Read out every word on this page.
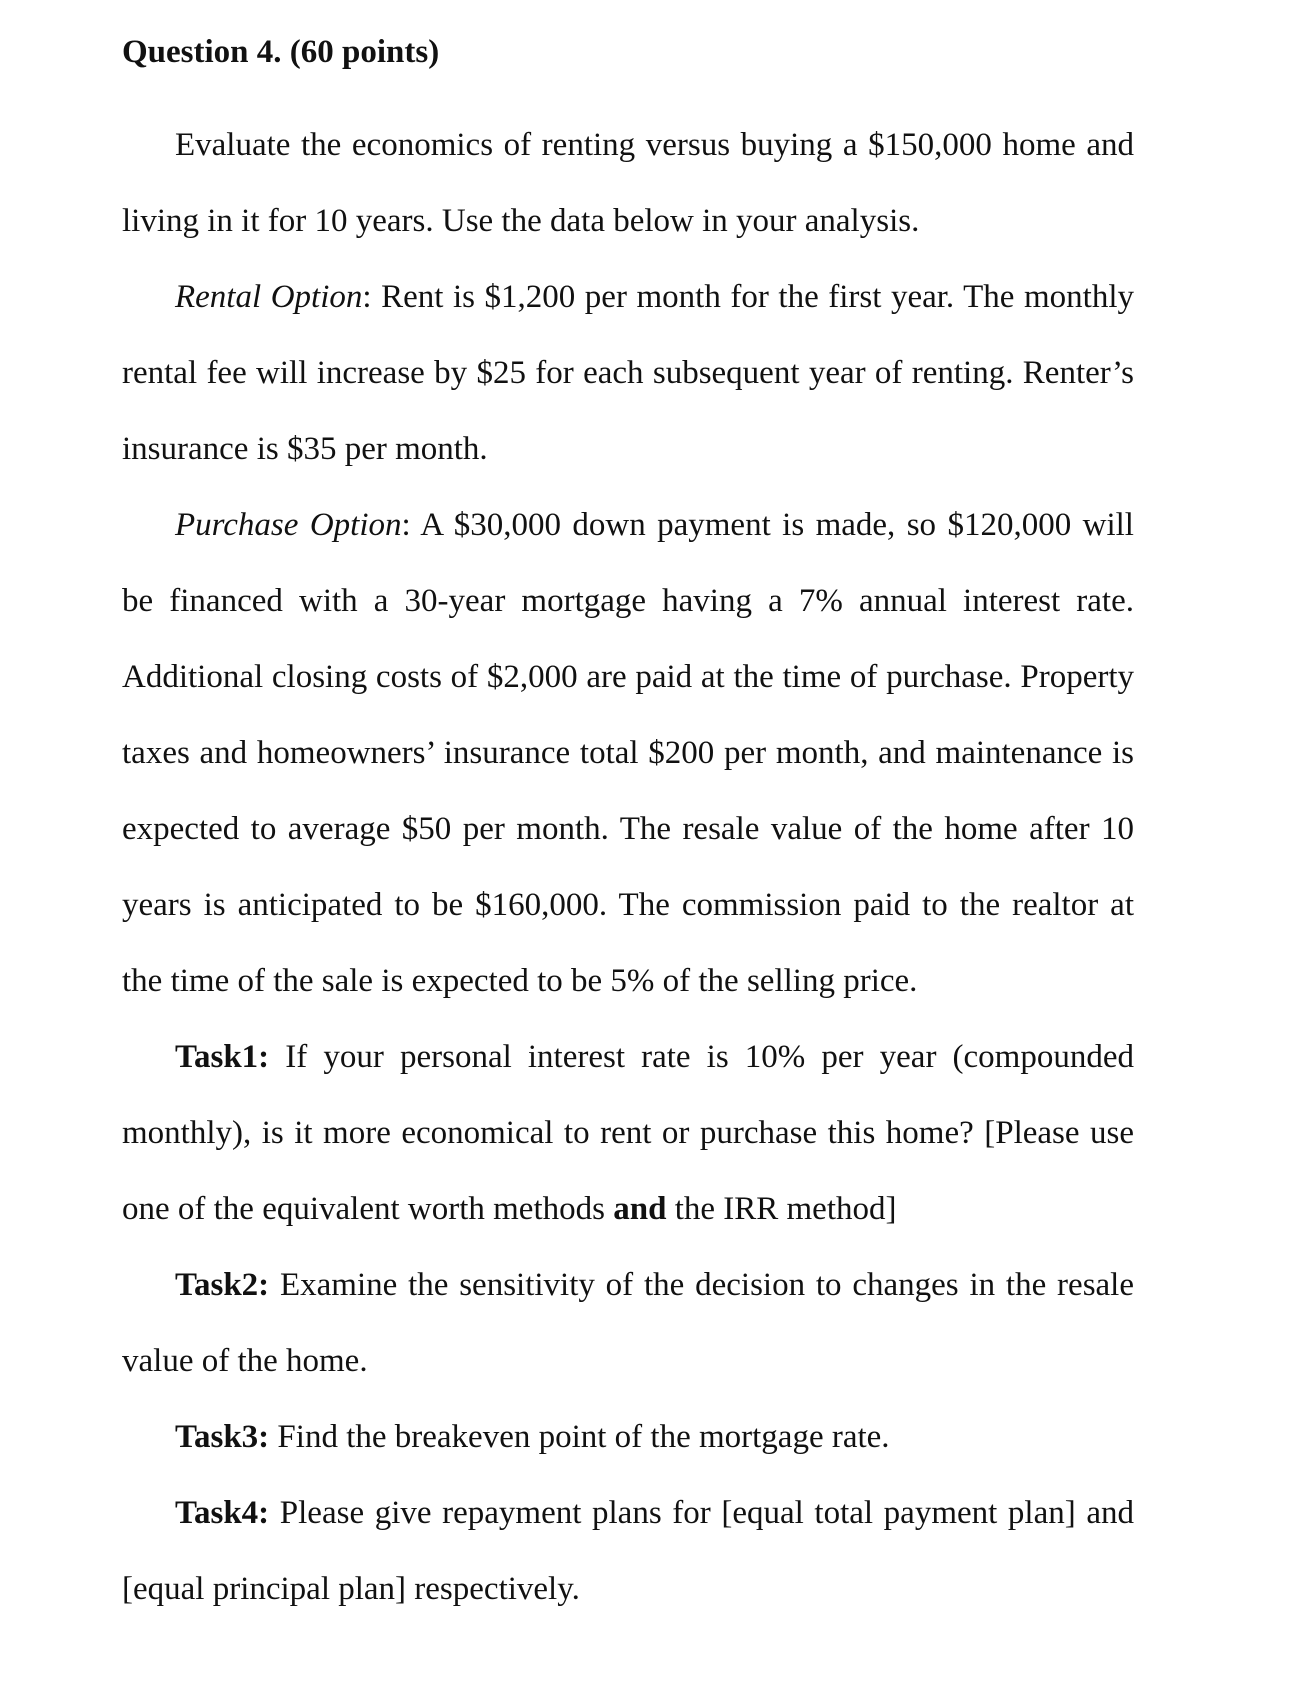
Question 4. (60 points)

Evaluate the economics of renting versus buying a $150,000 home and living in it for 10 years. Use the data below in your analysis.

Rental Option: Rent is $1,200 per month for the first year. The monthly rental fee will increase by $25 for each subsequent year of renting. Renter’s insurance is $35 per month.

Purchase Option: A $30,000 down payment is made, so $120,000 will be financed with a 30-year mortgage having a 7% annual interest rate. Additional closing costs of $2,000 are paid at the time of purchase. Property taxes and homeowners’ insurance total $200 per month, and maintenance is expected to average $50 per month. The resale value of the home after 10 years is anticipated to be $160,000. The commission paid to the realtor at the time of the sale is expected to be 5% of the selling price.

Task1: If your personal interest rate is 10% per year (compounded monthly), is it more economical to rent or purchase this home? [Please use one of the equivalent worth methods and the IRR method]

Task2: Examine the sensitivity of the decision to changes in the resale value of the home.

Task3: Find the breakeven point of the mortgage rate.

Task4: Please give repayment plans for [equal total payment plan] and [equal principal plan] respectively.
